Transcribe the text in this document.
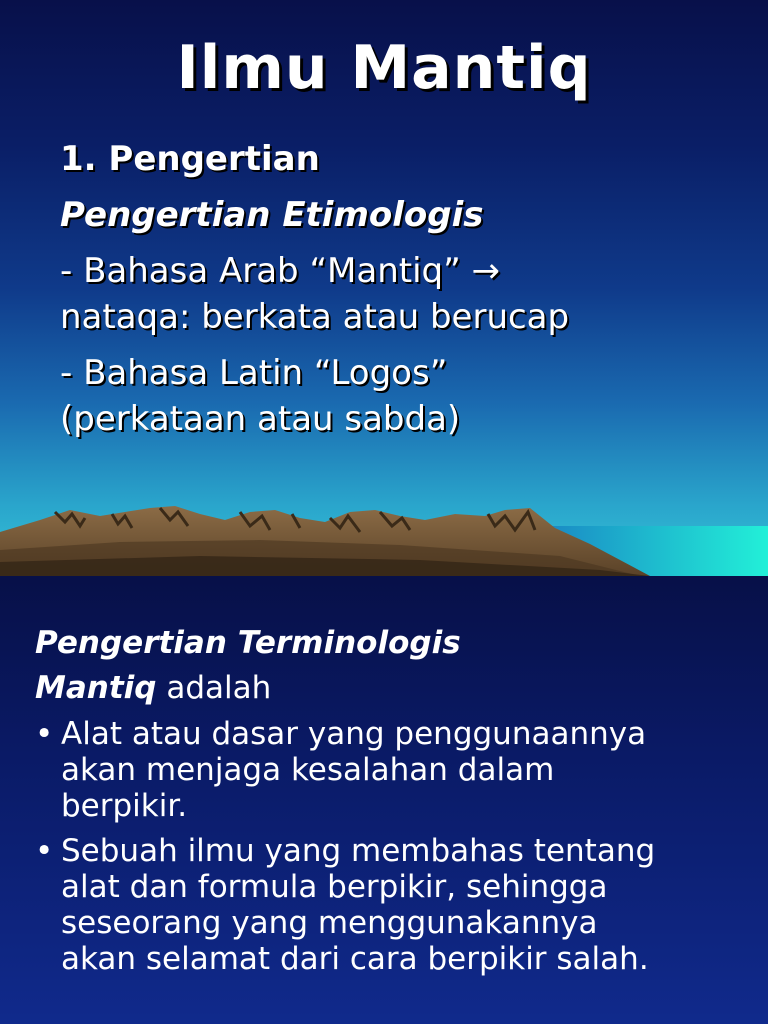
Ilmu Mantiq
1. Pengertian
Pengertian Etimologis
- Bahasa Arab “Mantiq” →
nataqa: berkata atau berucap
- Bahasa Latin “Logos”
(perkataan atau sabda)
Pengertian Terminologis
Mantiq adalah
• Alat atau dasar yang penggunaannya
akan menjaga kesalahan dalam
berpikir.
• Sebuah ilmu yang membahas tentang
alat dan formula berpikir, sehingga
seseorang yang menggunakannya
akan selamat dari cara berpikir salah.
